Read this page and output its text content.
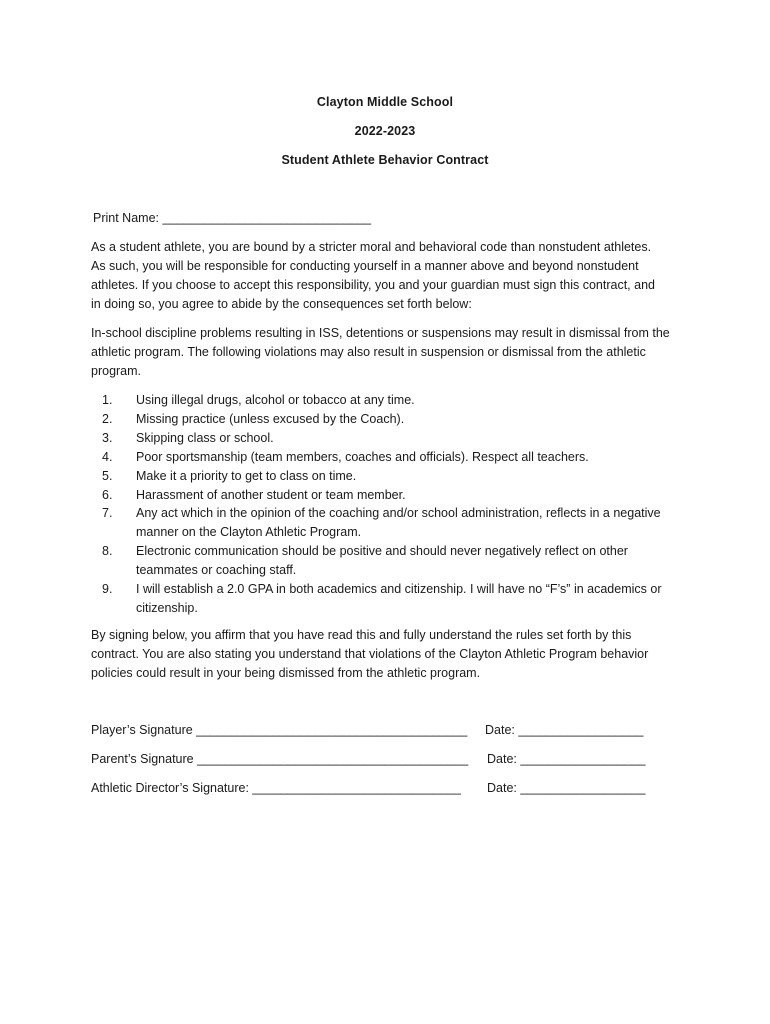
Clayton Middle School
2022-2023
Student Athlete Behavior Contract
Print Name: ______________________________
As a student athlete, you are bound by a stricter moral and behavioral code than nonstudent athletes.
As such, you will be responsible for conducting yourself in a manner above and beyond nonstudent
athletes. If you choose to accept this responsibility, you and your guardian must sign this contract, and
in doing so, you agree to abide by the consequences set forth below:
In-school discipline problems resulting in ISS, detentions or suspensions may result in dismissal from the
athletic program. The following violations may also result in suspension or dismissal from the athletic
program.
1.	Using illegal drugs, alcohol or tobacco at any time.
2.	Missing practice (unless excused by the Coach).
3.	Skipping class or school.
4.	Poor sportsmanship (team members, coaches and officials). Respect all teachers.
5.	Make it a priority to get to class on time.
6.	Harassment of another student or team member.
7.	Any act which in the opinion of the coaching and/or school administration, reflects in a negative
manner on the Clayton Athletic Program.
8.	Electronic communication should be positive and should never negatively reflect on other
teammates or coaching staff.
9.	I will establish a 2.0 GPA in both academics and citizenship. I will have no “F’s” in academics or
citizenship.
By signing below, you affirm that you have read this and fully understand the rules set forth by this
contract. You are also stating you understand that violations of the Clayton Athletic Program behavior
policies could result in your being dismissed from the athletic program.
Player’s Signature _______________________________________ Date: __________________
Parent’s Signature _______________________________________ Date: __________________
Athletic Director’s Signature: ______________________________ Date: __________________
